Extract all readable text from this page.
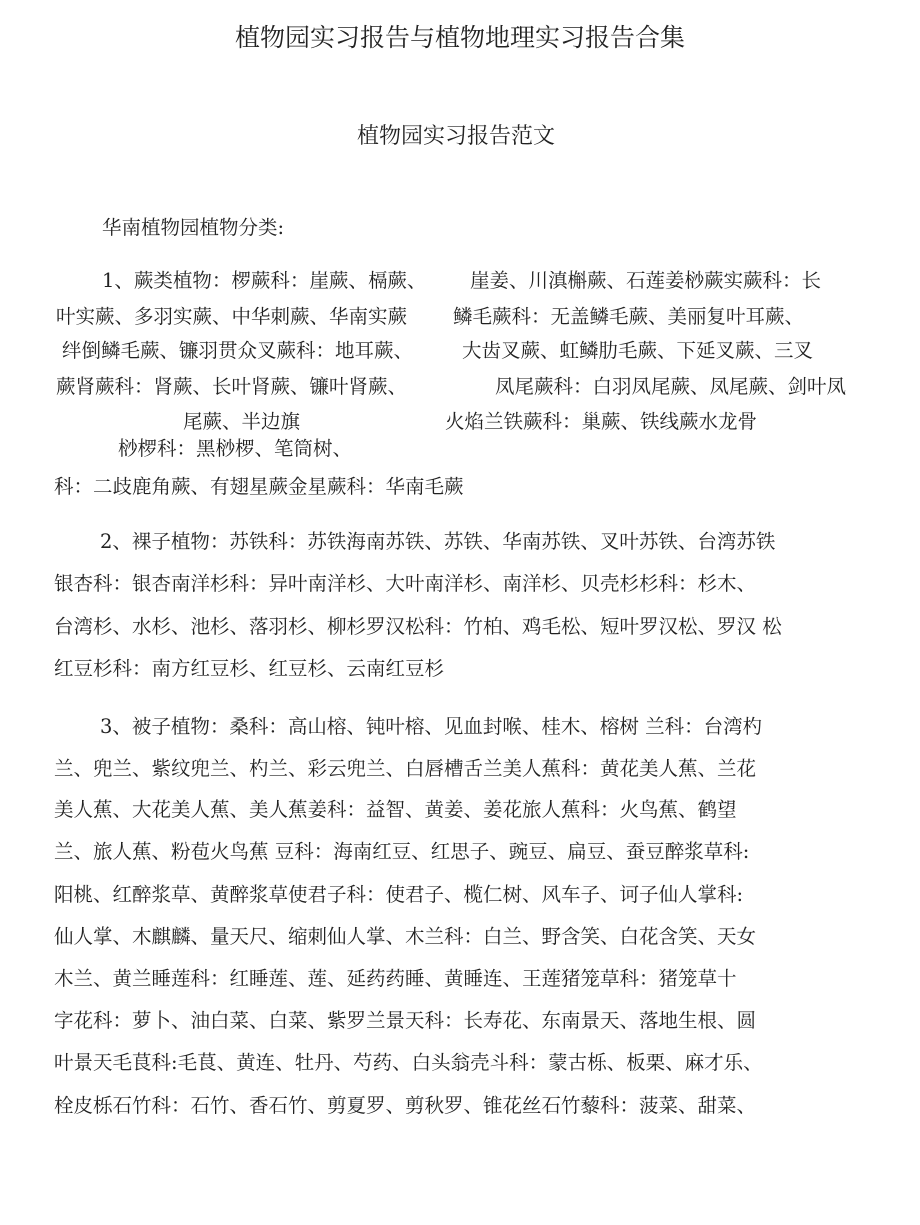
植物园实习报告与植物地理实习报告合集
植物园实习报告范文
华南植物园植物分类:
1、蕨类植物：椤蕨科：崖蕨、槅蕨、 崖姜、川滇槲蕨、石莲姜桫蕨实蕨科：长
叶实蕨、多羽实蕨、中华刺蕨、华南实蕨 鳞毛蕨科：无盖鳞毛蕨、美丽复叶耳蕨、
绊倒鳞毛蕨、镰羽贯众叉蕨科：地耳蕨、	大齿叉蕨、虹鳞肋毛蕨、下延叉蕨、三叉
蕨肾蕨科：肾蕨、长叶肾蕨、镰叶肾蕨、	凤尾蕨科：白羽凤尾蕨、凤尾蕨、剑叶凤
尾蕨、半边旗	火焰兰铁蕨科：巢蕨、铁线蕨水龙骨
桫椤科：黑桫椤、笔筒树、
科：二歧鹿角蕨、有翅星蕨金星蕨科：华南毛蕨
2、裸子植物：苏铁科：苏铁海南苏铁、苏铁、华南苏铁、叉叶苏铁、台湾苏铁
银杏科：银杏南洋杉科：异叶南洋杉、大叶南洋杉、南洋杉、贝壳杉杉科：杉木、
台湾杉、水杉、池杉、落羽杉、柳杉罗汉松科：竹柏、鸡毛松、短叶罗汉松、罗汉 松
红豆杉科：南方红豆杉、红豆杉、云南红豆杉
3、被子植物：桑科：高山榕、钝叶榕、见血封喉、桂木、榕树 兰科：台湾杓
兰、兜兰、紫纹兜兰、杓兰、彩云兜兰、白唇槽舌兰美人蕉科：黄花美人蕉、兰花
美人蕉、大花美人蕉、美人蕉姜科：益智、黄姜、姜花旅人蕉科：火鸟蕉、鹤望
兰、旅人蕉、粉苞火鸟蕉 豆科：海南红豆、红思子、豌豆、扁豆、蚕豆醉浆草科:
阳桃、红醉浆草、黄醉浆草使君子科：使君子、榄仁树、风车子、诃子仙人掌科:
仙人掌、木麒麟、量天尺、缩刺仙人掌、木兰科：白兰、野含笑、白花含笑、天女
木兰、黄兰睡莲科：红睡莲、莲、延药药睡、黄睡连、王莲猪笼草科：猪笼草十
字花科：萝卜、油白菜、白菜、紫罗兰景天科：长寿花、东南景天、落地生根、圆
叶景天毛茛科:毛茛、黄连、牡丹、芍药、白头翁壳斗科：蒙古栎、板栗、麻才乐、
栓皮栎石竹科：石竹、香石竹、剪夏罗、剪秋罗、锥花丝石竹藜科：菠菜、甜菜、
